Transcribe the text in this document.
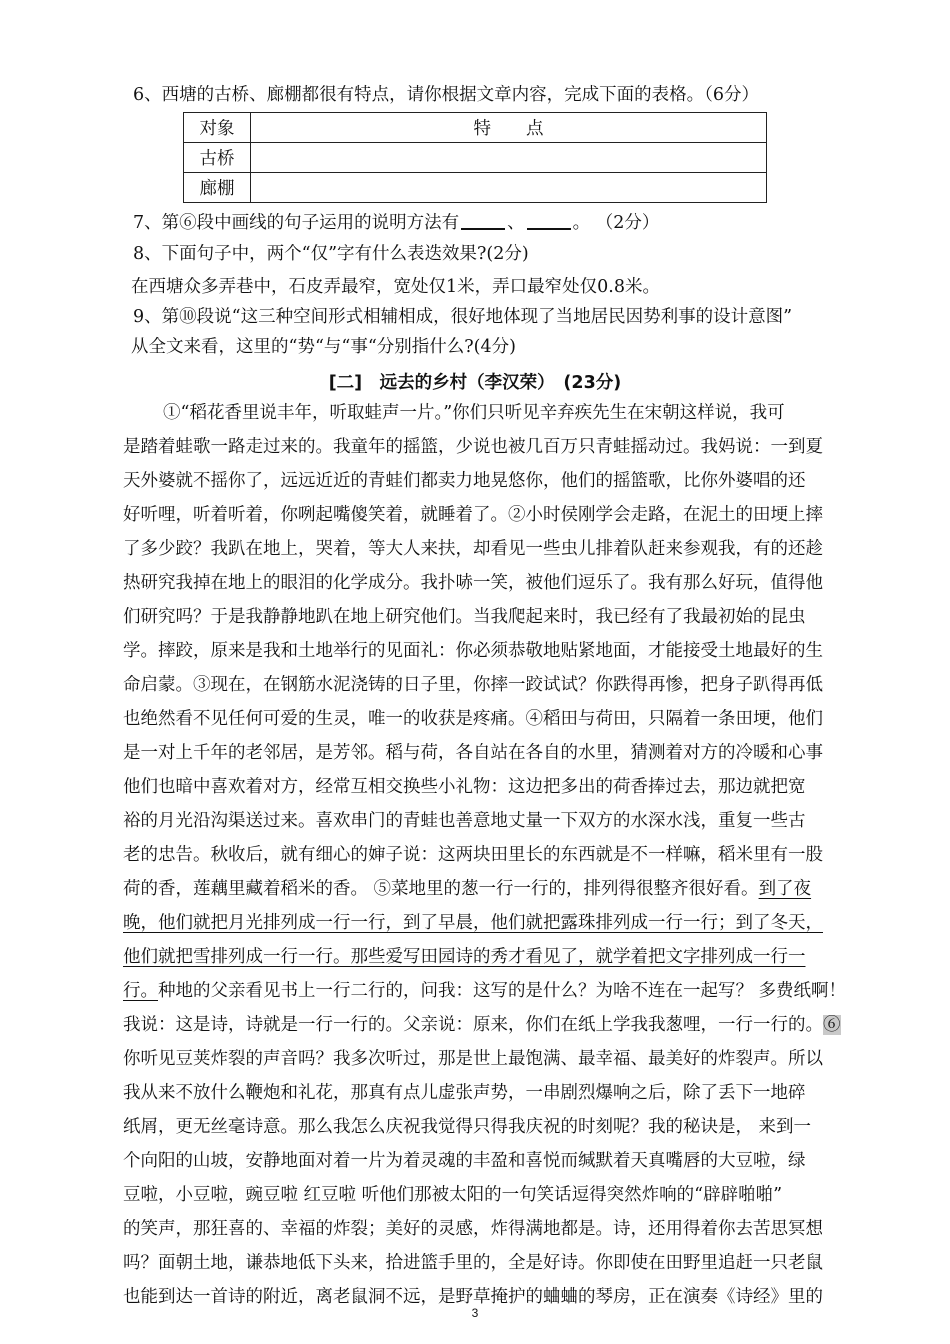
6、西塘的古桥、廊棚都很有特点，请你根据文章内容，完成下面的表格。（6分）
对象	特　　点
古桥	
廊棚	
7、第⑥段中画线的句子运用的说明方法有	、	。 （2分）
8、下面句子中，两个“仅”字有什么表迭效果?(2分)
在西塘众多弄巷中，石皮弄最窄，宽处仅1米，弄口最窄处仅0.8米。
9、第⑩段说“这三种空间形式相辅相成，很好地体现了当地居民因势利事的设计意图”
从全文来看，这里的“势“与“事“分别指什么?(4分)
[二]　远去的乡村（李汉荣）　(23分)

①“稻花香里说丰年，听取蛙声一片。”你们只听见辛弃疾先生在宋朝这样说，我可

是踏着蛙歌一路走过来的。我童年的摇篮，少说也被几百万只青蛙摇动过。我妈说：一到夏

天外婆就不摇你了，远远近近的青蛙们都卖力地晃悠你，他们的摇篮歌，比你外婆唱的还

好听哩，听着听着，你咧起嘴傻笑着，就睡着了。②小时侯刚学会走路，在泥土的田埂上摔

了多少跤？我趴在地上，哭着，等大人来扶，却看见一些虫儿排着队赶来参观我，有的还趁

热研究我掉在地上的眼泪的化学成分。我扑哧一笑，被他们逗乐了。我有那么好玩，值得他

们研究吗？于是我静静地趴在地上研究他们。当我爬起来时，我已经有了我最初始的昆虫

学。摔跤，原来是我和土地举行的见面礼：你必须恭敬地贴紧地面，才能接受土地最好的生

命启蒙。③现在，在钢筋水泥浇铸的日子里，你摔一跤试试？你跌得再惨，把身子趴得再低

也绝然看不见任何可爱的生灵，唯一的收获是疼痛。④稻田与荷田，只隔着一条田埂，他们

是一对上千年的老邻居，是芳邻。稻与荷，各自站在各自的水里，猜测着对方的冷暖和心事

他们也暗中喜欢着对方，经常互相交换些小礼物：这边把多出的荷香捧过去，那边就把宽

裕的月光沿沟渠送过来。喜欢串门的青蛙也善意地丈量一下双方的水深水浅，重复一些古

老的忠告。秋收后，就有细心的婶子说：这两块田里长的东西就是不一样嘛，稻米里有一股

荷的香，莲藕里藏着稻米的香。 ⑤菜地里的葱一行一行的，排列得很整齐很好看。到了夜

晚，他们就把月光排列成一行一行，到了早晨，他们就把露珠排列成一行一行；到了冬天，

他们就把雪排列成一行一行。那些爱写田园诗的秀才看见了，就学着把文字排列成一行一

行。种地的父亲看见书上一行二行的，问我：这写的是什么？为啥不连在一起写？ 多费纸啊！

我说：这是诗，诗就是一行一行的。父亲说：原来，你们在纸上学我我葱哩，一行一行的。⑥

你听见豆荚炸裂的声音吗？我多次听过，那是世上最饱满、最幸福、最美好的炸裂声。所以

我从来不放什么鞭炮和礼花，那真有点儿虚张声势，一串剧烈爆响之后，除了丢下一地碎

纸屑，更无丝毫诗意。那么我怎么庆祝我觉得只得我庆祝的时刻呢？我的秘诀是， 来到一

个向阳的山坡，安静地面对着一片为着灵魂的丰盈和喜悦而缄默着天真嘴唇的大豆啦，绿

豆啦，小豆啦，豌豆啦 红豆啦 听他们那被太阳的一句笑话逗得突然炸响的“辟辟啪啪”

的笑声，那狂喜的、幸福的炸裂；美好的灵感，炸得满地都是。诗，还用得着你去苦思冥想

吗？面朝土地，谦恭地低下头来，拾进篮手里的，全是好诗。你即使在田野里追赶一只老鼠

也能到达一首诗的附近，离老鼠洞不远，是野草掩护的蛐蛐的琴房，正在演奏《诗经》里的

3
